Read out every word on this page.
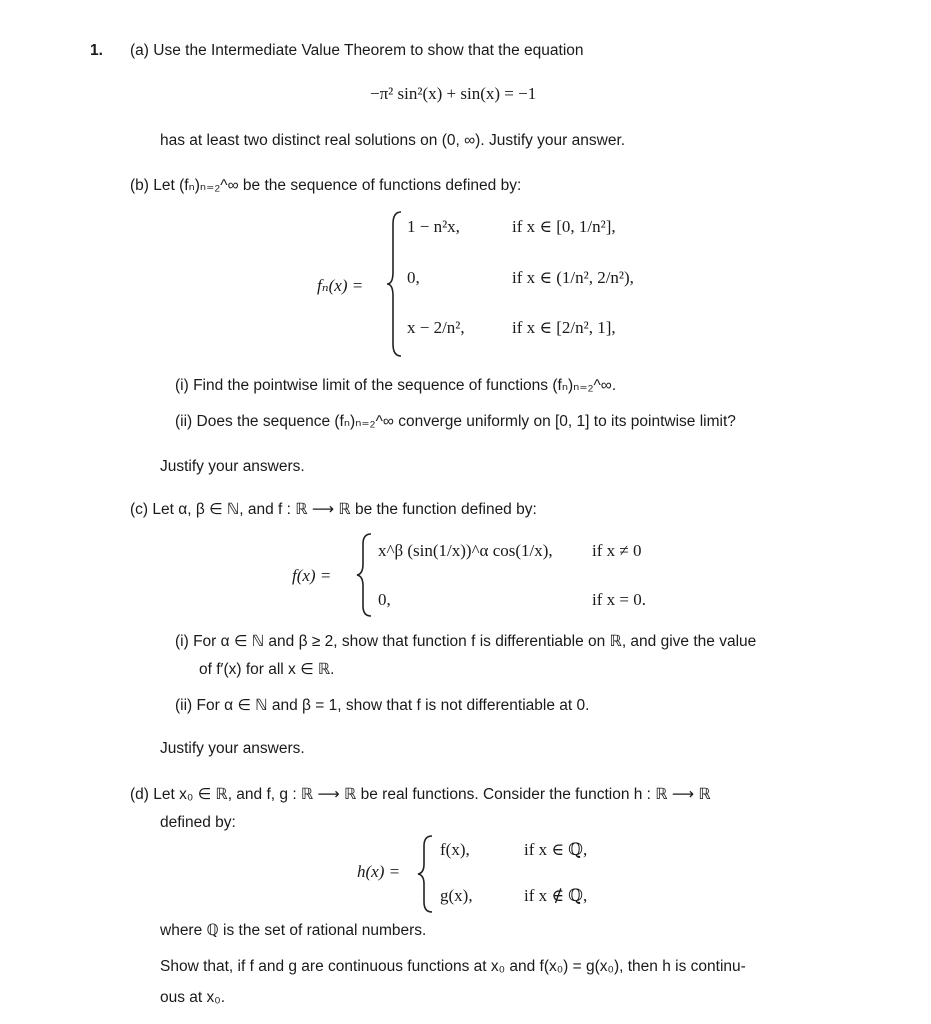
1. (a) Use the Intermediate Value Theorem to show that the equation
−π² sin²(x) + sin(x) = −1
has at least two distinct real solutions on (0, ∞). Justify your answer.
(b) Let (fₙ)ₙ₌₂^∞ be the sequence of functions defined by:
fₙ(x) =
1 − n²x,	if x ∈ [0, 1/n²],
0,	if x ∈ (1/n², 2/n²),
x − 2/n²,	if x ∈ [2/n², 1],
(i) Find the pointwise limit of the sequence of functions (fₙ)ₙ₌₂^∞.
(ii) Does the sequence (fₙ)ₙ₌₂^∞ converge uniformly on [0, 1] to its pointwise limit?
Justify your answers.
(c) Let α, β ∈ ℕ, and f : ℝ ⟶ ℝ be the function defined by:
f(x) =
x^β (sin(1/x))^α cos(1/x), if x ≠ 0
0,	if x = 0.
(i) For α ∈ ℕ and β ≥ 2, show that function f is differentiable on ℝ, and give the value
of f′(x) for all x ∈ ℝ.
(ii) For α ∈ ℕ and β = 1, show that f is not differentiable at 0.
Justify your answers.
(d) Let x₀ ∈ ℝ, and f, g : ℝ ⟶ ℝ be real functions. Consider the function h : ℝ ⟶ ℝ
defined by:
h(x) =
f(x),	if x ∈ ℚ,
g(x),	if x ∉ ℚ,
where ℚ is the set of rational numbers.
Show that, if f and g are continuous functions at x₀ and f(x₀) = g(x₀), then h is continu-
ous at x₀.
